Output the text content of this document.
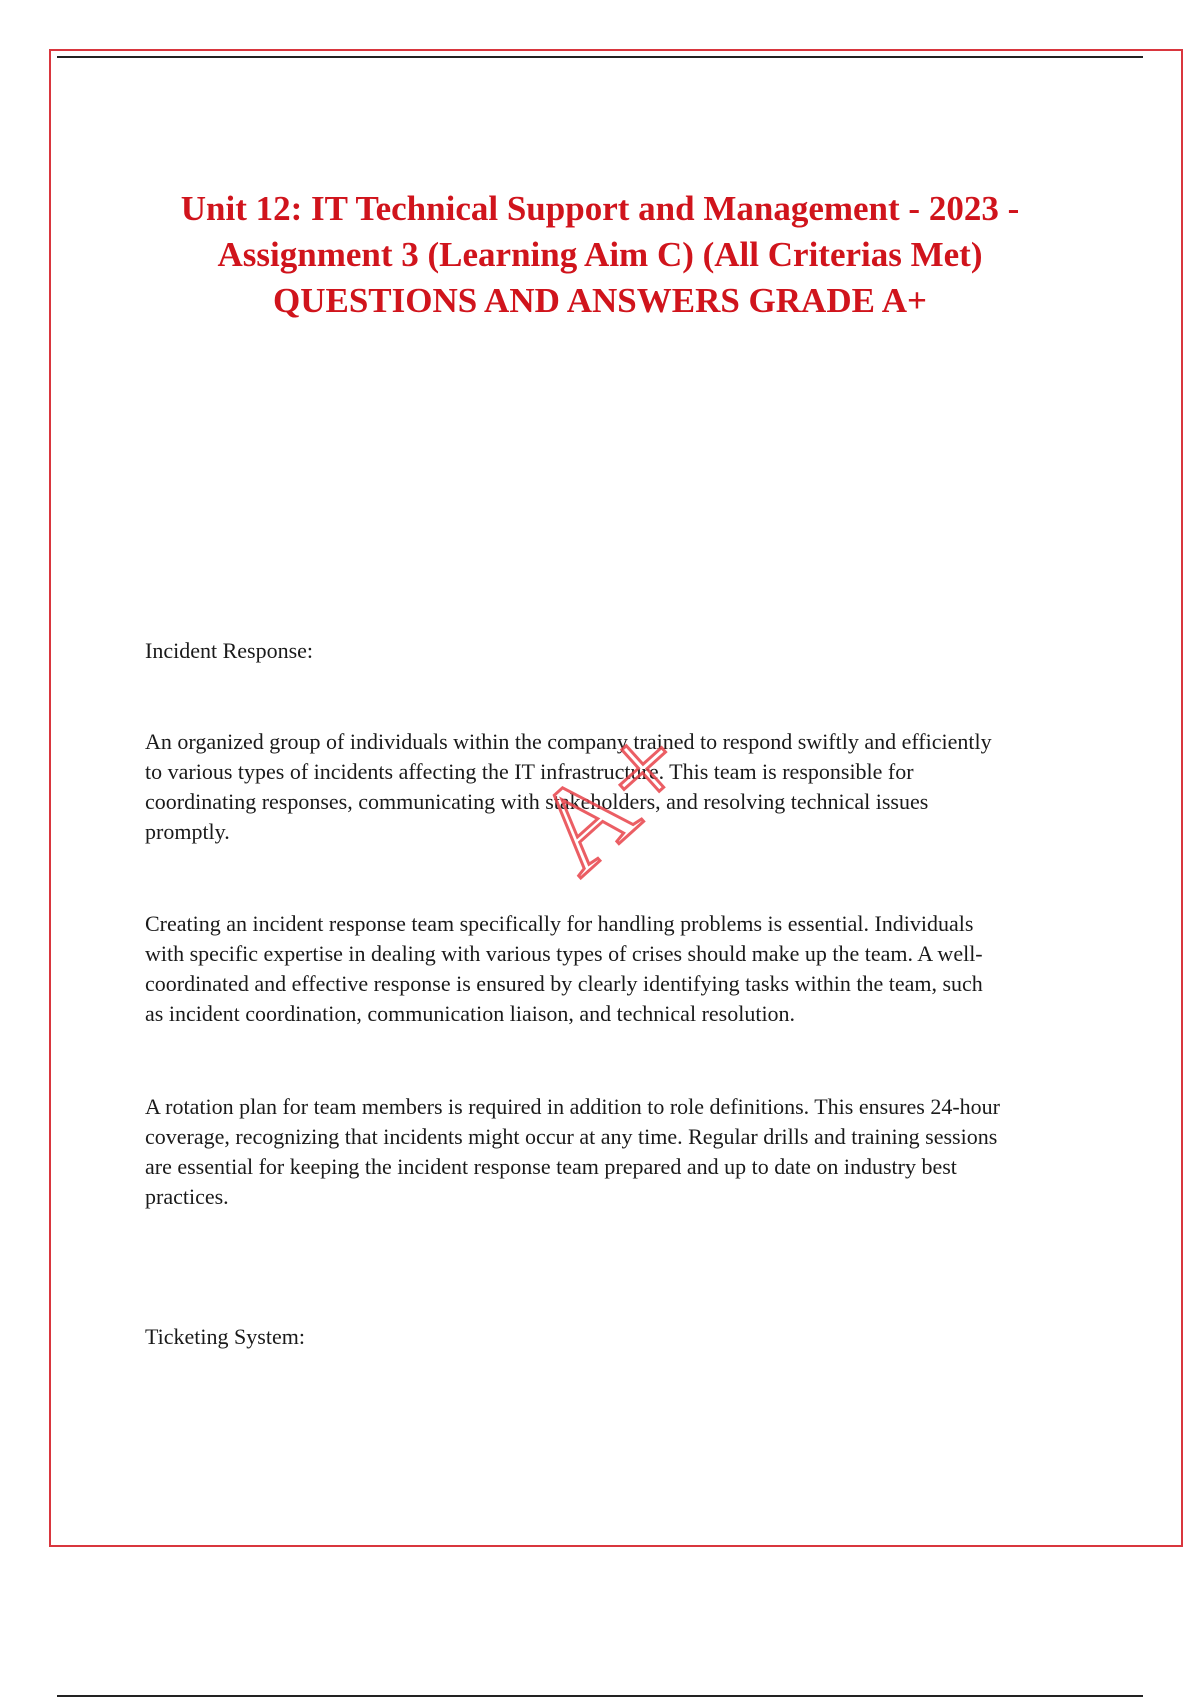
Unit 12: IT Technical Support and Management - 2023 -
Assignment 3 (Learning Aim C) (All Criterias Met)
QUESTIONS AND ANSWERS GRADE A+
Incident Response:
An organized group of individuals within the company trained to respond swiftly and efficiently
to various types of incidents affecting the IT infrastructure. This team is responsible for
coordinating responses, communicating with stakeholders, and resolving technical issues
promptly.
Creating an incident response team specifically for handling problems is essential. Individuals
with specific expertise in dealing with various types of crises should make up the team. A well-
coordinated and effective response is ensured by clearly identifying tasks within the team, such
as incident coordination, communication liaison, and technical resolution.
A rotation plan for team members is required in addition to role definitions. This ensures 24-hour
coverage, recognizing that incidents might occur at any time. Regular drills and training sessions
are essential for keeping the incident response team prepared and up to date on industry best
practices.
Ticketing System:
A+
